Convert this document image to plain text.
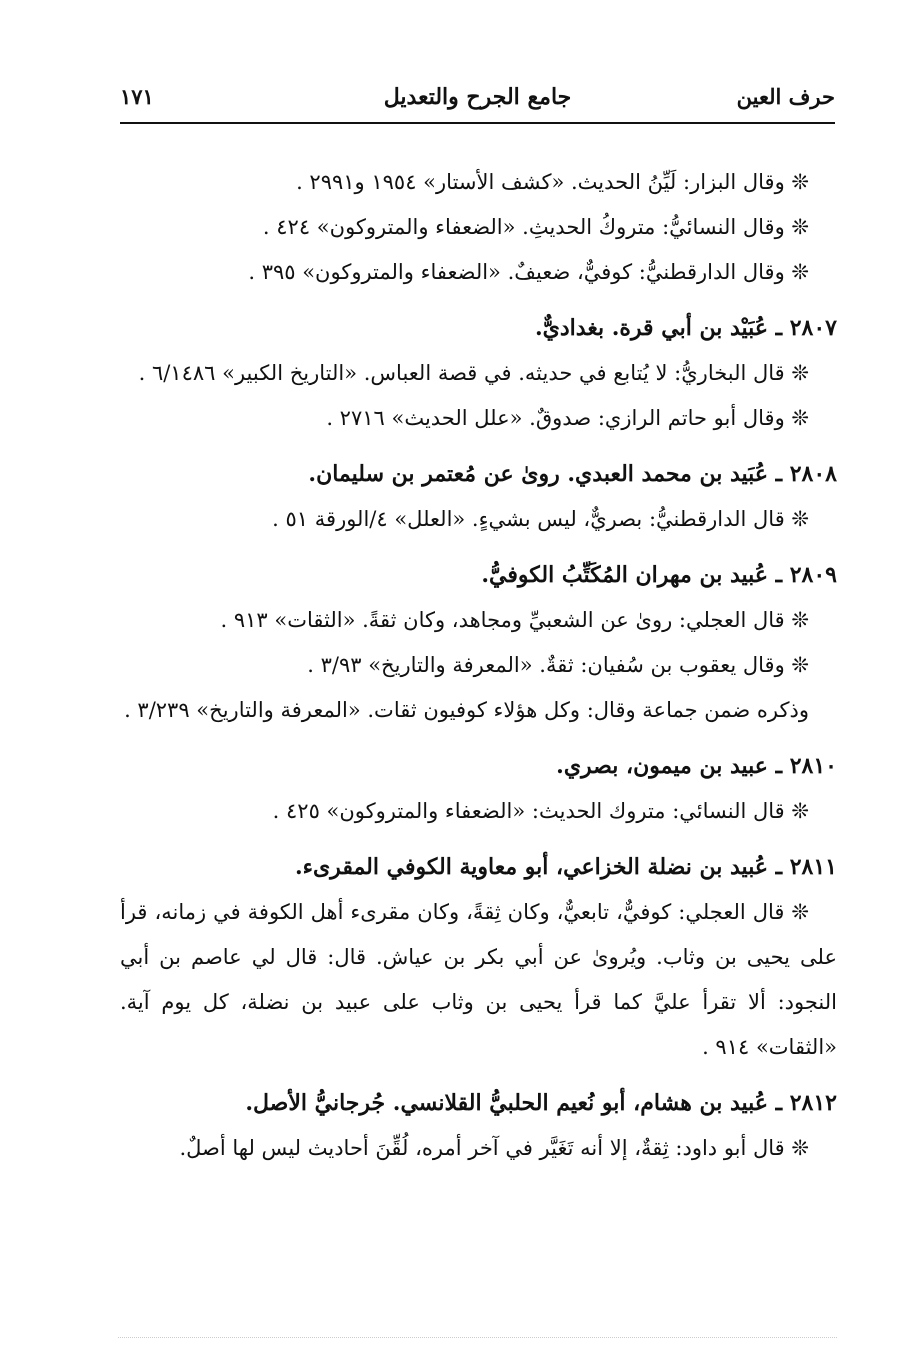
حرف العين
جامع الجرح والتعديل
١٧١
❊ وقال البزار: لَيِّنُ الحديث. «كشف الأستار» ١٩٥٤ و٢٩٩١ .
❊ وقال النسائيُّ: متروكُ الحديثِ. «الضعفاء والمتروكون» ٤٢٤ .
❊ وقال الدارقطنيُّ: كوفيٌّ، ضعيفٌ. «الضعفاء والمتروكون» ٣٩٥ .
٢٨٠٧ ـ عُبَيْد بن أبي قرة. بغداديٌّ.
❊ قال البخاريُّ: لا يُتابع في حديثه. في قصة العباس. «التاريخ الكبير» ٦/١٤٨٦ .
❊ وقال أبو حاتم الرازي: صدوقٌ. «علل الحديث» ٢٧١٦ .
٢٨٠٨ ـ عُبَيد بن محمد العبدي. روىٰ عن مُعتمر بن سليمان.
❊ قال الدارقطنيُّ: بصريٌّ، ليس بشيءٍ. «العلل» ٤/الورقة ٥١ .
٢٨٠٩ ـ عُبيد بن مهران المُكَتِّبُ الكوفيُّ.
❊ قال العجلي: روىٰ عن الشعبيِّ ومجاهد، وكان ثقةً. «الثقات» ٩١٣ .
❊ وقال يعقوب بن سُفيان: ثقةٌ. «المعرفة والتاريخ» ٣/٩٣ .
وذكره ضمن جماعة وقال: وكل هؤلاء كوفيون ثقات. «المعرفة والتاريخ» ٣/٢٣٩ .
٢٨١٠ ـ عبيد بن ميمون، بصري.
❊ قال النسائي: متروك الحديث: «الضعفاء والمتروكون» ٤٢٥ .
٢٨١١ ـ عُبيد بن نضلة الخزاعي، أبو معاوية الكوفي المقرىء.
❊ قال العجلي: كوفيٌّ، تابعيٌّ، وكان ثِقةً، وكان مقرىء أهل الكوفة في زمانه، قرأ على يحيى بن وثاب. ويُروىٰ عن أبي بكر بن عياش. قال: قال لي عاصم بن أبي النجود: ألا تقرأ عليَّ كما قرأ يحيى بن وثاب على عبيد بن نضلة، كل يوم آية. «الثقات» ٩١٤ .
٢٨١٢ ـ عُبيد بن هشام، أبو نُعيم الحلبيُّ القلانسي. جُرجانيُّ الأصل.
❊ قال أبو داود: ثِقةٌ، إلا أنه تَغَيَّر في آخر أمره، لُقِّنَ أحاديث ليس لها أصلٌ.
